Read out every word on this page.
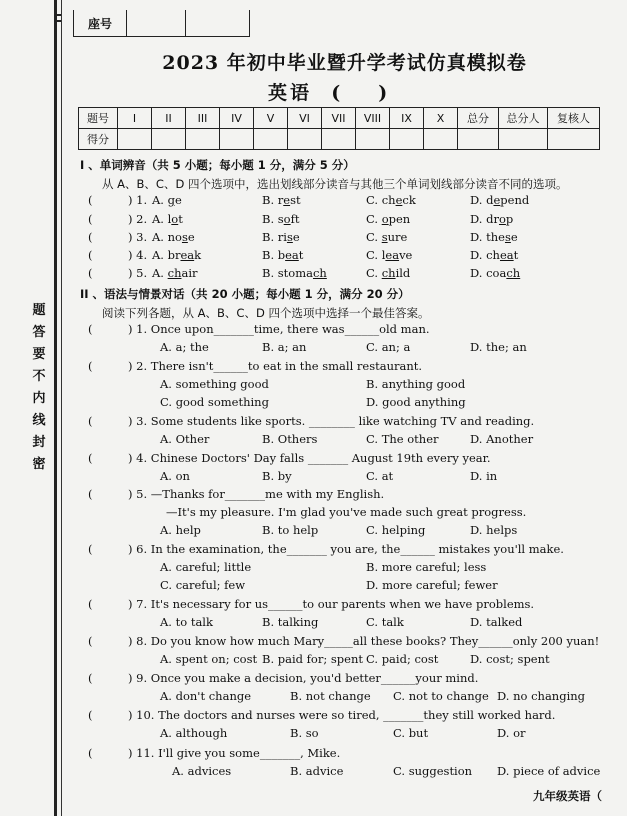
座号
题
答
要
不
内
线
封
密
2023 年初中毕业暨升学考试仿真模拟卷
英语 (　　)
题号	I	II	III	IV	V	VI	VII	VIII	IX	X	总分	总分人	复核人
得分													
I 、单词辨音（共 5 小题；每小题 1 分，满分 5 分）
从 A、B、C、D 四个选项中，选出划线部分读音与其他三个单词划线部分读音不同的选项。
(	) 1. A. ge	B. rest	C. check	D. depend
(	) 2. A. lot	B. soft	C. open	D. drop
(	) 3. A. nose	B. rise	C. sure	D. these
(	) 4. A. break	B. beat	C. leave	D. cheat
(	) 5. A. chair	B. stomach	C. child	D. coach
II 、语法与情景对话（共 20 小题；每小题 1 分，满分 20 分）
阅读下列各题，从 A、B、C、D 四个选项中选择一个最佳答案。
(	) 1. Once upon_______time, there was______old man.
A. a; the	B. a; an	C. an; a	D. the; an
(	) 2. There isn't______to eat in the small restaurant.
A. something good	B. anything good
C. good something	D. good anything
(	) 3. Some students like sports. ________ like watching TV and reading.
A. Other	B. Others	C. The other	D. Another
(	) 4. Chinese Doctors' Day falls _______ August 19th every year.
A. on	B. by	C. at	D. in
(	) 5. —Thanks for_______me with my English.
—It's my pleasure. I'm glad you've made such great progress.
A. help	B. to help	C. helping	D. helps
(	) 6. In the examination, the_______ you are, the______ mistakes you'll make.
A. careful; little	B. more careful; less
C. careful; few	D. more careful; fewer
(	) 7. It's necessary for us______to our parents when we have problems.
A. to talk	B. talking	C. talk	D. talked
(	) 8. Do you know how much Mary_____all these books? They______only 200 yuan!
A. spent on; cost B. paid for; spent C. paid; cost	D. cost; spent
(	) 9. Once you make a decision, you'd better______your mind.
A. don't change	B. not change C. not to change D. no changing
(	) 10. The doctors and nurses were so tired, _______they still worked hard.
A. although	B. so	C. but	D. or
(	) 11. I'll give you some_______, Mike.
A. advices	B. advice	C. suggestion D. piece of advice
九年级英语（
